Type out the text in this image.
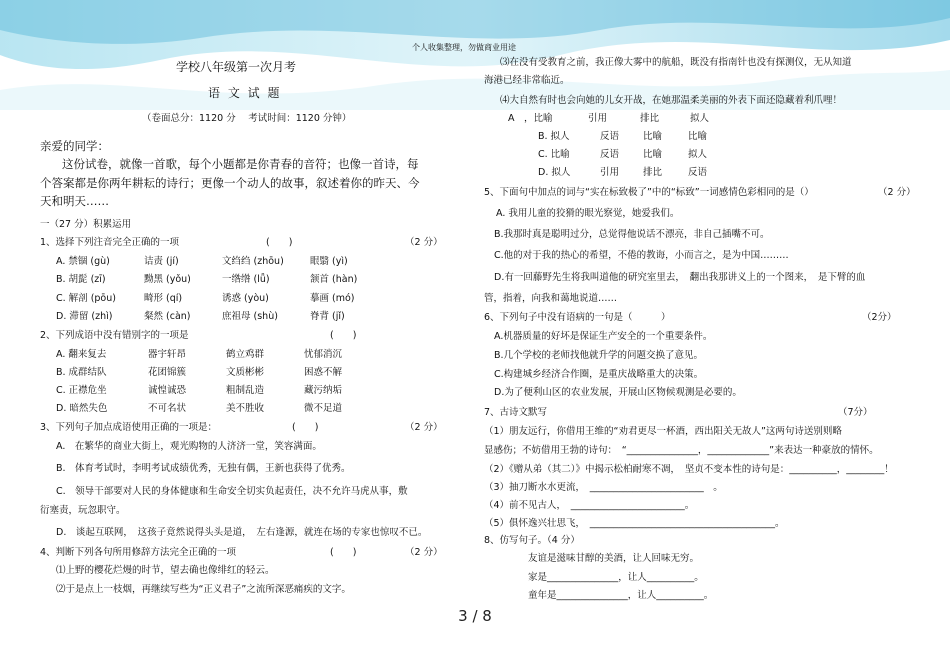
个人收集整理，勿做商业用途
学校八年级第一次月考
语 文 试 题
（卷面总分：1120 分　 考试时间：1120 分钟）
亲爱的同学：
这份试卷，就像一首歌，每个小题都是你青春的音符；也像一首诗，每
个答案都是你两年耕耘的诗行；更像一个动人的故事，叙述着你的昨天、今
天和明天……
一（27 分）积累运用
1、选择下列注音完全正确的一项	(　　)	（2 分）
A. 禁锢 (gù)	诘责 (jí)	文绉绉 (zhōu)	眼翳 (yì)
B. 胡髭 (zī)	黝黑 (yǒu)	一绺绺 (lǚ)	颔首 (hàn)
C. 解剖 (pōu)	畸形 (qí)	诱惑 (yòu)	摹画 (mó)
D. 滞留 (zhì)	粲然 (càn)	庶祖母 (shù)	脊背 (jǐ)
2、下列成语中没有错别字的一项是	(　　)
A. 翻来复去	器宇轩昂	鹤立鸡群	忧郁消沉
B. 成群结队	花团锦簇	文质彬彬	困惑不解
C. 正襟危坐	诚惶诚恐	粗制乱造	藏污纳垢
D. 暗然失色	不可名状	美不胜收	微不足道
3、下列句子加点成语使用正确的一项是：	(　　)	（2 分）
A.　在繁华的商业大街上，观光购物的人济济一堂，笑容满面。
B.　体育考试时，李明考试成绩优秀，无独有偶，王新也获得了优秀。
C.　领导干部要对人民的身体健康和生命安全切实负起责任，决不允许马虎从事，敷
衍塞责，玩忽职守。
D.　谈起互联网，　这孩子竟然说得头头是道，　左右逢源，就连在场的专家也惊叹不已。
4、判断下列各句所用修辞方法完全正确的一项	(　　)	（2 分）
⑴上野的樱花烂熳的时节，望去确也像绯红的轻云。
⑵于是点上一枝烟，再继续写些为“正义君子”之流所深恶痛疾的文字。
⑶在没有受教育之前，我正像大雾中的航船，既没有指南针也没有探测仪，无从知道
海港已经非常临近。
⑷大自然有时也会向她的儿女开战，在她那温柔美丽的外表下面还隐藏着利爪哩！
A　，比喻	引用	排比	拟人
B. 拟人	反语	比喻	比喻
C. 比喻	反语	比喻	拟人
D. 拟人	引用	排比	反语
5、下面句中加点的词与“实在标致极了”中的“标致”一词感情色彩相同的是（）	（2 分）
A. 我用儿童的狡猾的眼光察觉，她爱我们。
B.我那时真是聪明过分，总觉得他说话不漂亮，非自己插嘴不可。
C.他的对于我的热心的希望，不倦的教诲，小而言之，是为中国………
D.有一回藤野先生将我叫道他的研究室里去，　翻出我那讲义上的一个图来，　是下臂的血
管，指着，向我和蔼地说道……
6、下列句子中没有语病的一句是（　　　）	（2分）
A.机器质量的好坏是保证生产安全的一个重要条件。
B.几个学校的老师找他就升学的问题交换了意见。
C.构建城乡经济合作圈，是重庆战略重大的决策。
D.为了便利山区的农业发展，开展山区物候观测是必要的。
7、古诗文默写	（7分）
（1）朋友远行，你借用王维的“劝君更尽一杯酒，西出阳关无故人”这两句诗送别则略
显感伤；不妨借用王勃的诗句：　“_______________，_____________”来表达一种豪放的情怀。
（2）《赠从弟（其二）》中揭示松柏耐寒不凋，　坚贞不变本性的诗句是：__________，________！
（3）抽刀断水水更流，　________________________　。
（4）前不见古人，　________________________。
（5）俱怀逸兴壮思飞，　_______________________________________。
8、仿写句子。（4 分）
友谊是滋味甘醇的美酒，让人回味无穷。
家是_______________，让人__________。
童年是_______________，让人__________。
3 / 8
